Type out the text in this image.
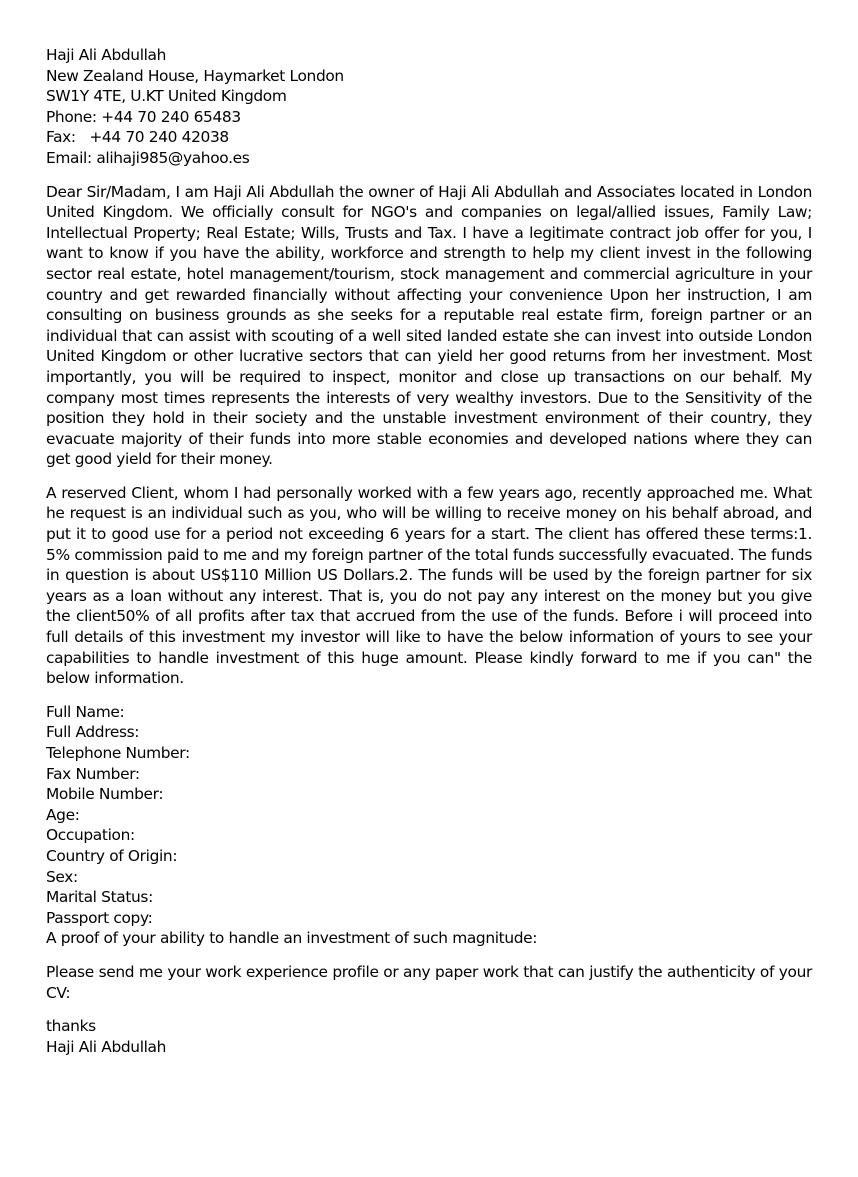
Haji Ali Abdullah
New Zealand House, Haymarket London
SW1Y 4TE, U.KT United Kingdom
Phone: +44 70 240 65483
Fax:   +44 70 240 42038
Email: alihaji985@yahoo.es

Dear Sir/Madam, I am Haji Ali Abdullah the owner of Haji Ali Abdullah and Associates located in London United Kingdom. We officially consult for NGO's and companies on legal/allied issues, Family Law; Intellectual Property; Real Estate; Wills, Trusts and Tax. I have a legitimate contract job offer for you, I want to know if you have the ability, workforce and strength to help my client invest in the following sector real estate, hotel management/tourism, stock management and commercial agriculture in your country and get rewarded financially without affecting your convenience Upon her instruction, I am consulting on business grounds as she seeks for a reputable real estate firm, foreign partner or an individual that can assist with scouting of a well sited landed estate she can invest into outside London United Kingdom or other lucrative sectors that can yield her good returns from her investment. Most importantly, you will be required to inspect, monitor and close up transactions on our behalf. My company most times represents the interests of very wealthy investors. Due to the Sensitivity of the position they hold in their society and the unstable investment environment of their country, they evacuate majority of their funds into more stable economies and developed nations where they can get good yield for their money.

A reserved Client, whom I had personally worked with a few years ago, recently approached me. What he request is an individual such as you, who will be willing to receive money on his behalf abroad, and put it to good use for a period not exceeding 6 years for a start. The client has offered these terms:1. 5% commission paid to me and my foreign partner of the total funds successfully evacuated. The funds in question is about US$110 Million US Dollars.2. The funds will be used by the foreign partner for six years as a loan without any interest. That is, you do not pay any interest on the money but you give the client50% of all profits after tax that accrued from the use of the funds. Before i will proceed into full details of this investment my investor will like to have the below information of yours to see your capabilities to handle investment of this huge amount. Please kindly forward to me if you can" the below information.

Full Name:
Full Address:
Telephone Number:
Fax Number:
Mobile Number:
Age:
Occupation:
Country of Origin:
Sex:
Marital Status:
Passport copy:
A proof of your ability to handle an investment of such magnitude:

Please send me your work experience profile or any paper work that can justify the authenticity of your CV:

thanks
Haji Ali Abdullah
